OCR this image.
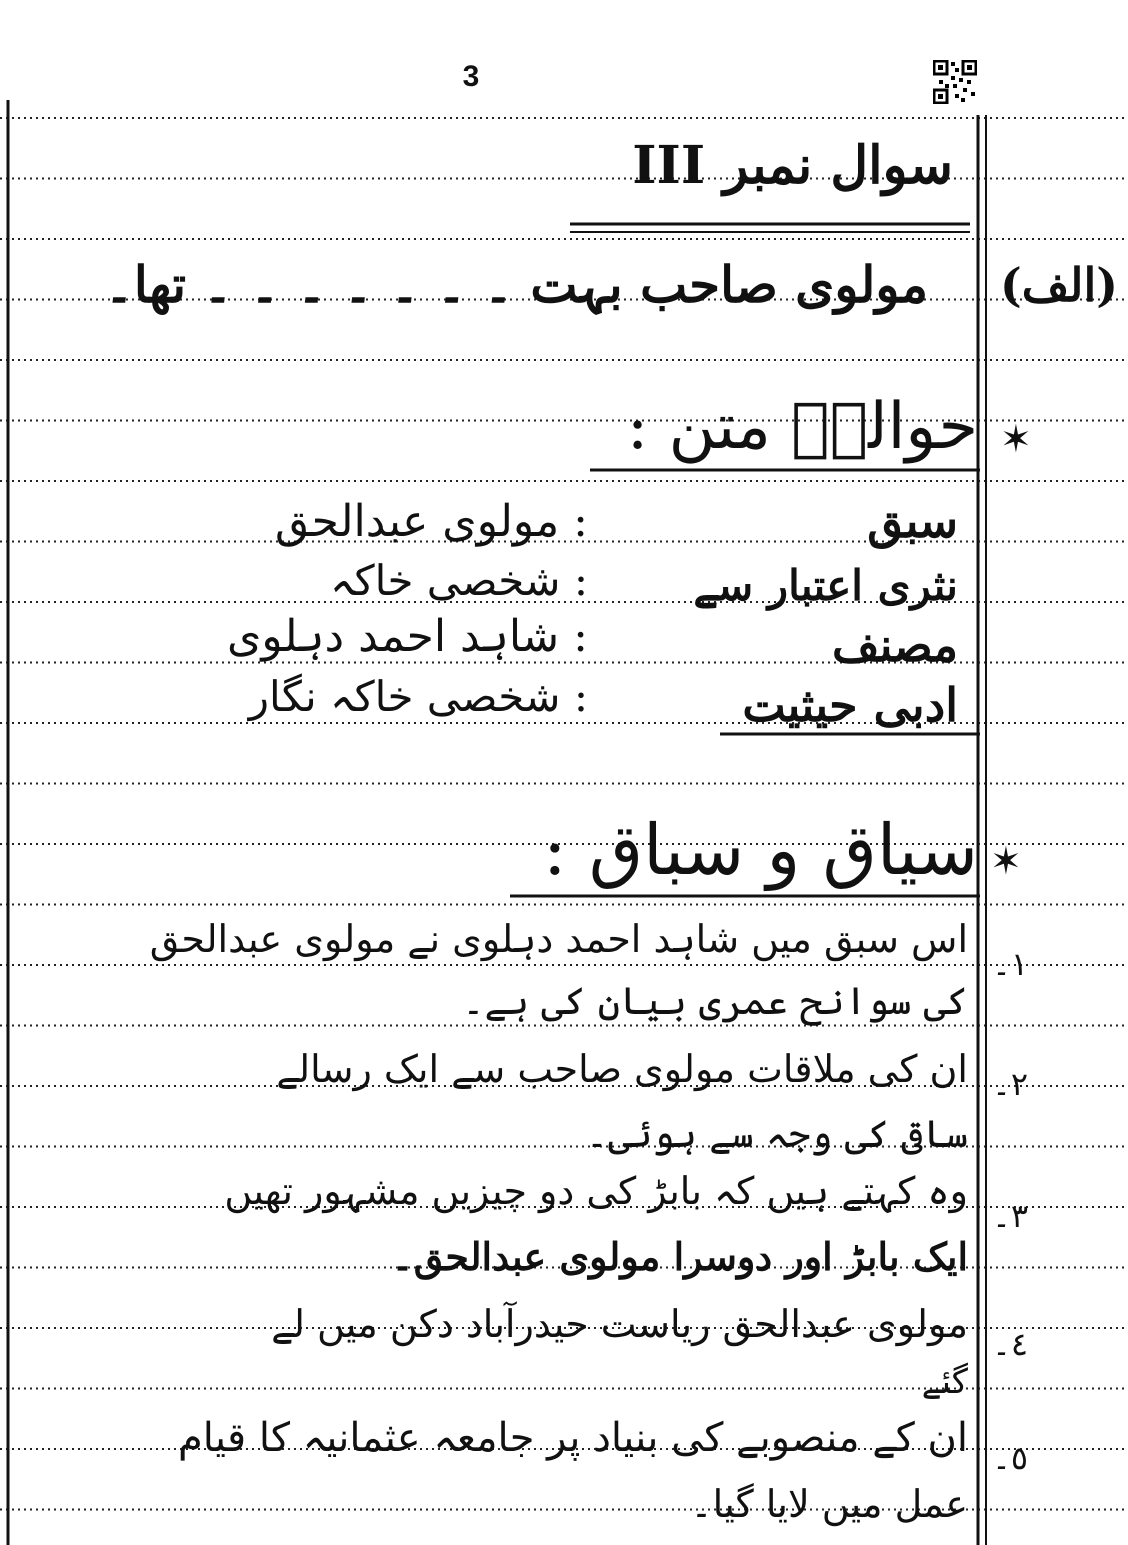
3
سوال نمبر III
(الف)
مولوی صاحب بہت ۔ ۔ ۔ ۔ ۔ ۔ ۔ تھا۔
✶
حوالہٗ متن :
سبق
: مولوی عبدالحق
نثری اعتبار سے
: شخصی خاکہ
مصنف
: شاہد احمد دہلوی
ادبی حیثیت
: شخصی خاکہ نگار
✶
سیاق و سباق :
١۔
اس سبق میں شاہد احمد دہلوی نے مولوی عبدالحق
کی سوانح عمری بیان کی ہے۔
٢۔
ان کی ملاقات مولوی صاحب سے ایک رسالے
ساقی کی وجہ سے ہوئی۔
٣۔
وہ کہتے ہیں کہ بابڑ کی دو چیزیں مشہور تھیں
ایک بابڑ اور دوسرا مولوی عبدالحق۔
٤۔
مولوی عبدالحق ریاست حیدرآباد دکن میں لے
گئے
٥۔
ان کے منصوبے کی بنیاد پر جامعہ عثمانیہ کا قیام
عمل میں لایا گیا۔
